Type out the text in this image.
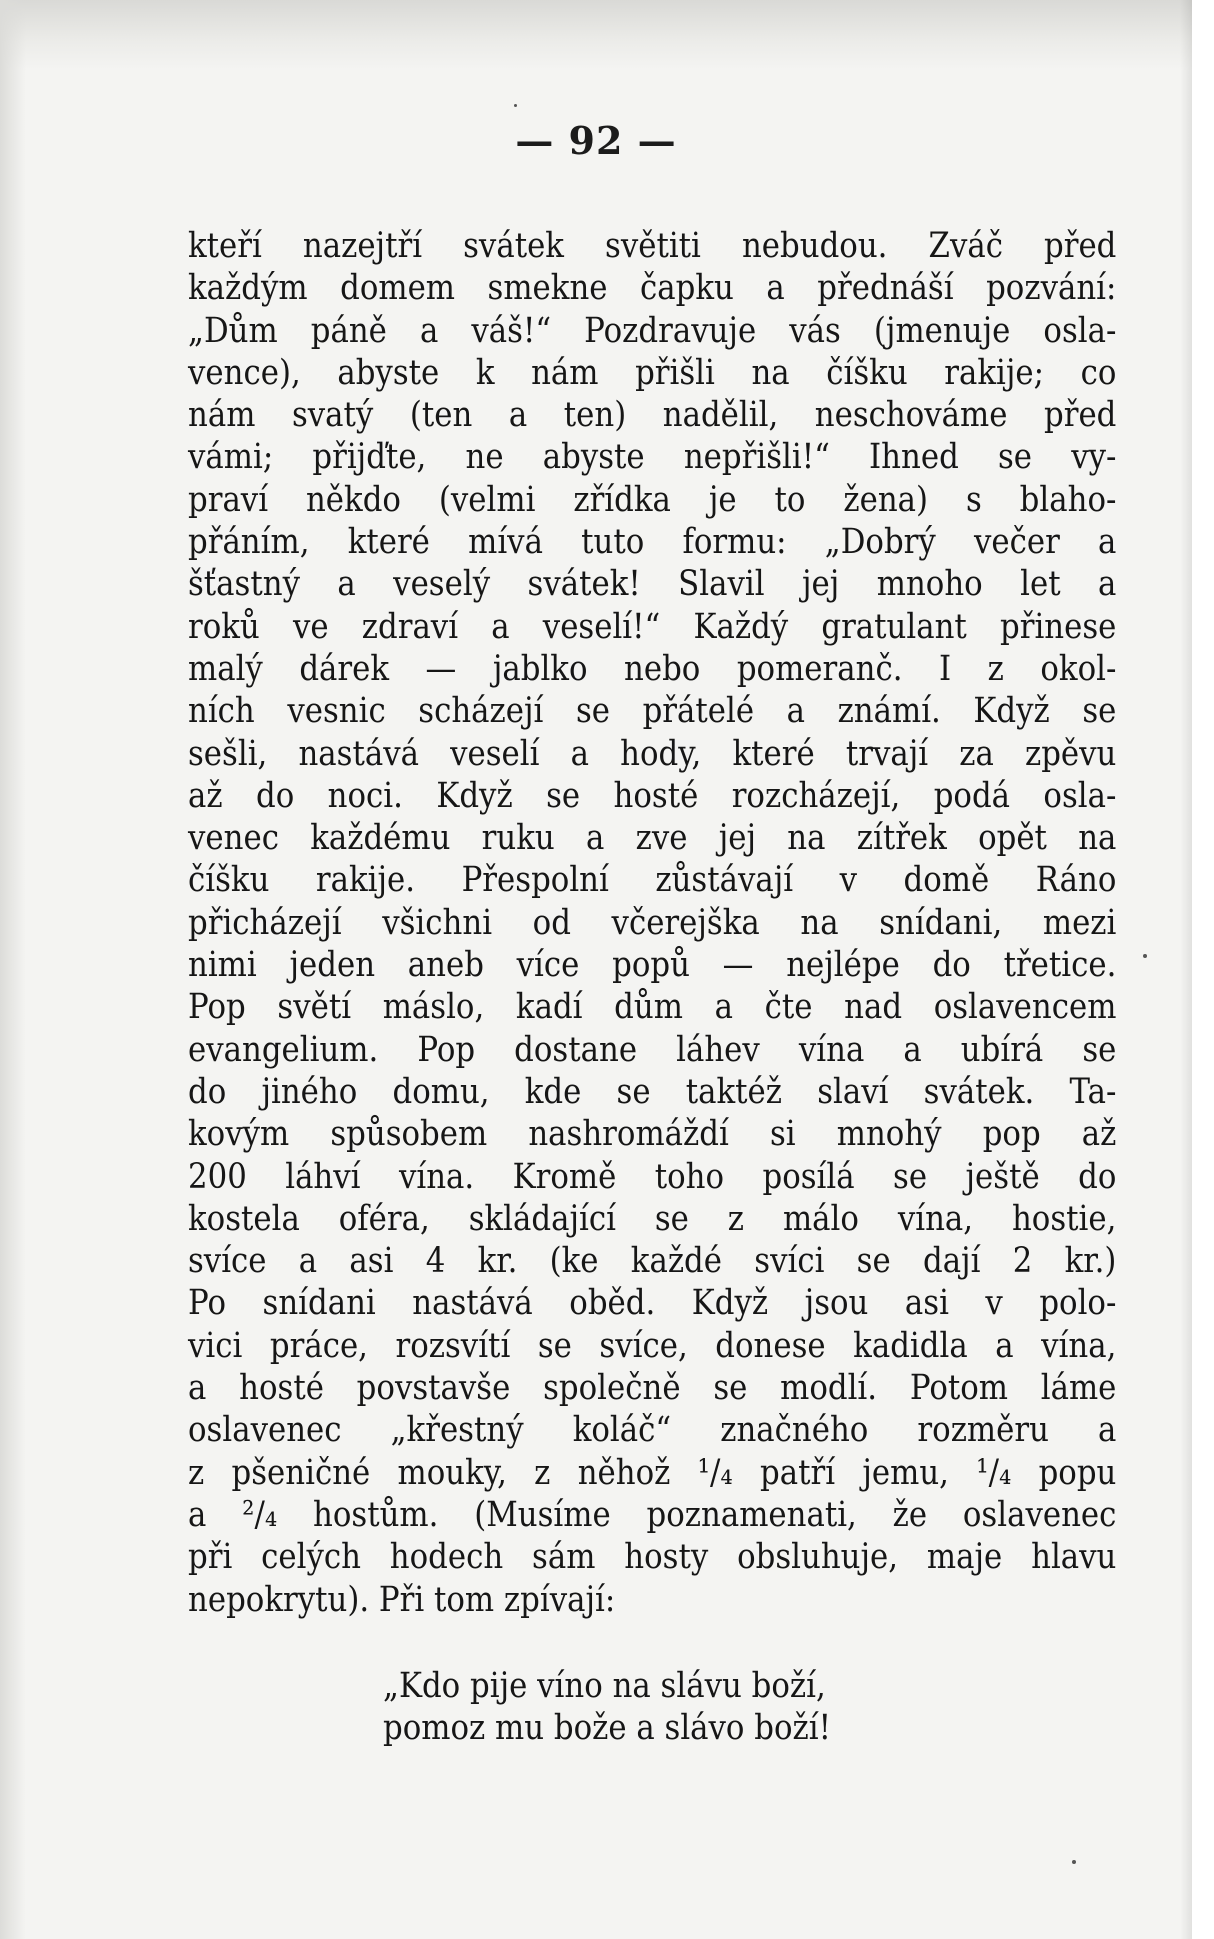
— 92 —
kteří nazejtří svátek světiti nebudou. Zváč před
každým domem smekne čapku a přednáší pozvání:
„Dům páně a váš!“ Pozdravuje vás (jmenuje osla-
vence), abyste k nám přišli na číšku rakije; co
nám svatý (ten a ten) nadělil, neschováme před
vámi; přijďte, ne abyste nepřišli!“ Ihned se vy-
praví někdo (velmi zřídka je to žena) s blaho-
přáním, které mívá tuto formu: „Dobrý večer a
šťastný a veselý svátek! Slavil jej mnoho let a
roků ve zdraví a veselí!“ Každý gratulant přinese
malý dárek — jablko nebo pomeranč. I z okol-
ních vesnic scházejí se přátelé a známí. Když se
sešli, nastává veselí a hody, které trvají za zpěvu
až do noci. Když se hosté rozcházejí, podá osla-
venec každému ruku a zve jej na zítřek opět na
číšku rakije. Přespolní zůstávají v domě Ráno
přicházejí všichni od včerejška na snídani, mezi
nimi jeden aneb více popů — nejlépe do třetice.
Pop světí máslo, kadí dům a čte nad oslavencem
evangelium. Pop dostane láhev vína a ubírá se
do jiného domu, kde se taktéž slaví svátek. Ta-
kovým spůsobem nashromáždí si mnohý pop až
200 láhví vína. Kromě toho posílá se ještě do
kostela oféra, skládající se z málo vína, hostie,
svíce a asi 4 kr. (ke každé svíci se dají 2 kr.)
Po snídani nastává oběd. Když jsou asi v polo-
vici práce, rozsvítí se svíce, donese kadidla a vína,
a hosté povstavše společně se modlí. Potom láme
oslavenec „křestný koláč“ značného rozměru a
z pšeničné mouky, z něhož ¹/₄ patří jemu, ¹/₄ popu
a ²/₄ hostům. (Musíme poznamenati, že oslavenec
při celých hodech sám hosty obsluhuje, maje hlavu
nepokrytu). Při tom zpívají:
„Kdo pije víno na slávu boží,
pomoz mu bože a slávo boží!
